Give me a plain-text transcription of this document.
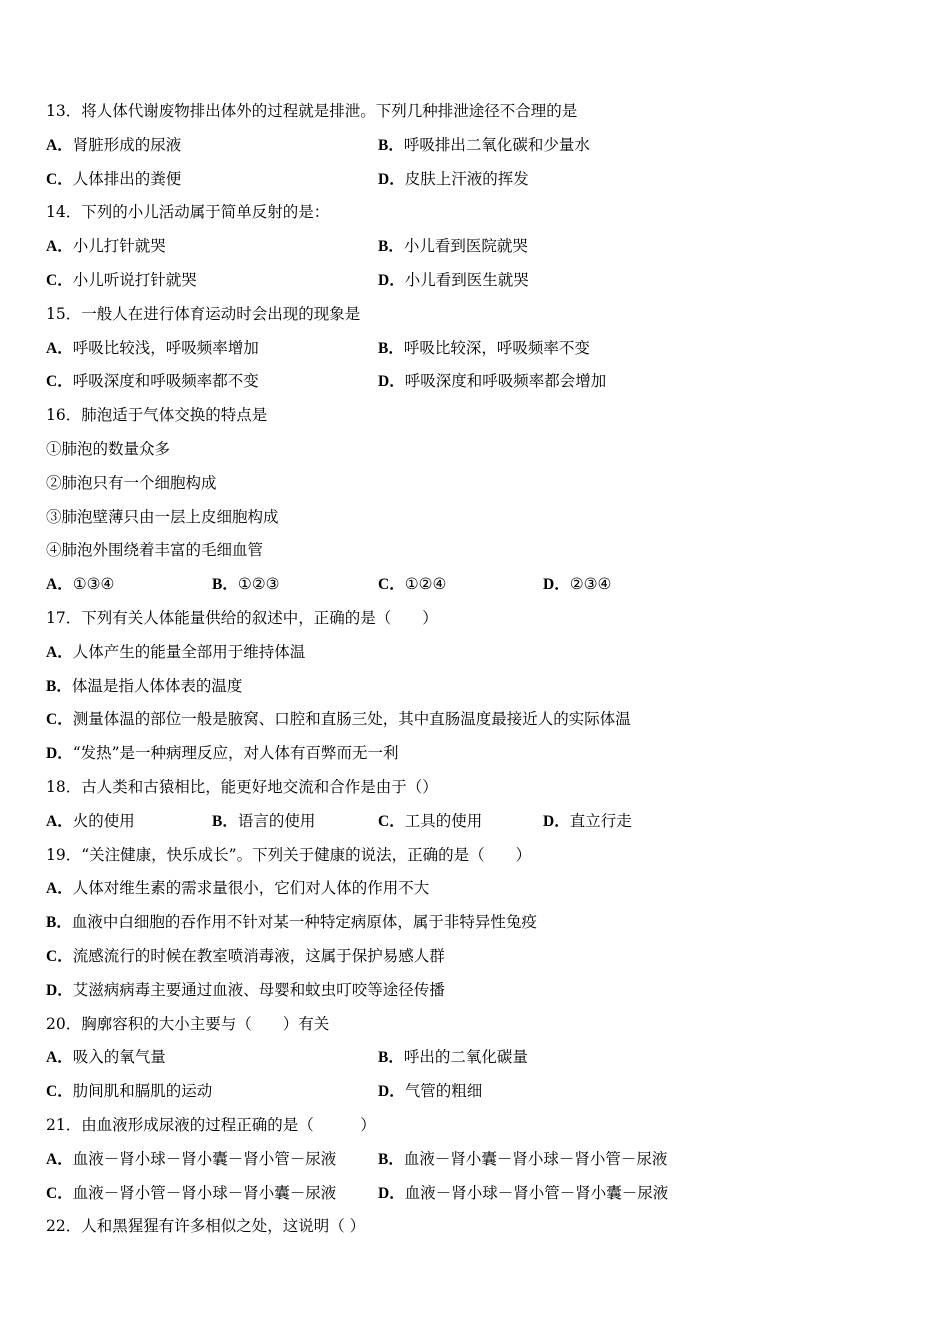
13．将人体代谢废物排出体外的过程就是排泄。下列几种排泄途径不合理的是
A．肾脏形成的尿液	B．呼吸排出二氧化碳和少量水
C．人体排出的粪便	D．皮肤上汗液的挥发
14．下列的小儿活动属于简单反射的是：
A．小儿打针就哭	B．小儿看到医院就哭
C．小儿听说打针就哭	D．小儿看到医生就哭
15．一般人在进行体育运动时会出现的现象是
A．呼吸比较浅，呼吸频率增加	B．呼吸比较深，呼吸频率不变
C．呼吸深度和呼吸频率都不变	D．呼吸深度和呼吸频率都会增加
16．肺泡适于气体交换的特点是
①肺泡的数量众多
②肺泡只有一个细胞构成
③肺泡壁薄只由一层上皮细胞构成
④肺泡外围绕着丰富的毛细血管
A．①③④	B．①②③	C．①②④	D．②③④
17．下列有关人体能量供给的叙述中，正确的是（　　）
A．人体产生的能量全部用于维持体温
B．体温是指人体体表的温度
C．测量体温的部位一般是腋窝、口腔和直肠三处，其中直肠温度最接近人的实际体温
D．“发热”是一种病理反应，对人体有百弊而无一利
18．古人类和古猿相比，能更好地交流和合作是由于（）
A．火的使用	B．语言的使用	C．工具的使用	D．直立行走
19．“关注健康，快乐成长”。下列关于健康的说法，正确的是（　　）
A．人体对维生素的需求量很小，它们对人体的作用不大
B．血液中白细胞的吞作用不针对某一种特定病原体，属于非特异性兔疫
C．流感流行的时候在教室喷消毒液，这属于保护易感人群
D．艾滋病病毒主要通过血液、母婴和蚊虫叮咬等途径传播
20．胸廓容积的大小主要与（　　）有关
A．吸入的氧气量	B．呼出的二氧化碳量
C．肋间肌和膈肌的运动	D．气管的粗细
21．由血液形成尿液的过程正确的是（　　　）
A．血液－肾小球－肾小囊－肾小管－尿液	B．血液－肾小囊－肾小球－肾小管－尿液
C．血液－肾小管－肾小球－肾小囊－尿液	D．血液－肾小球－肾小管－肾小囊－尿液
22．人和黑猩猩有许多相似之处，这说明（ ）
